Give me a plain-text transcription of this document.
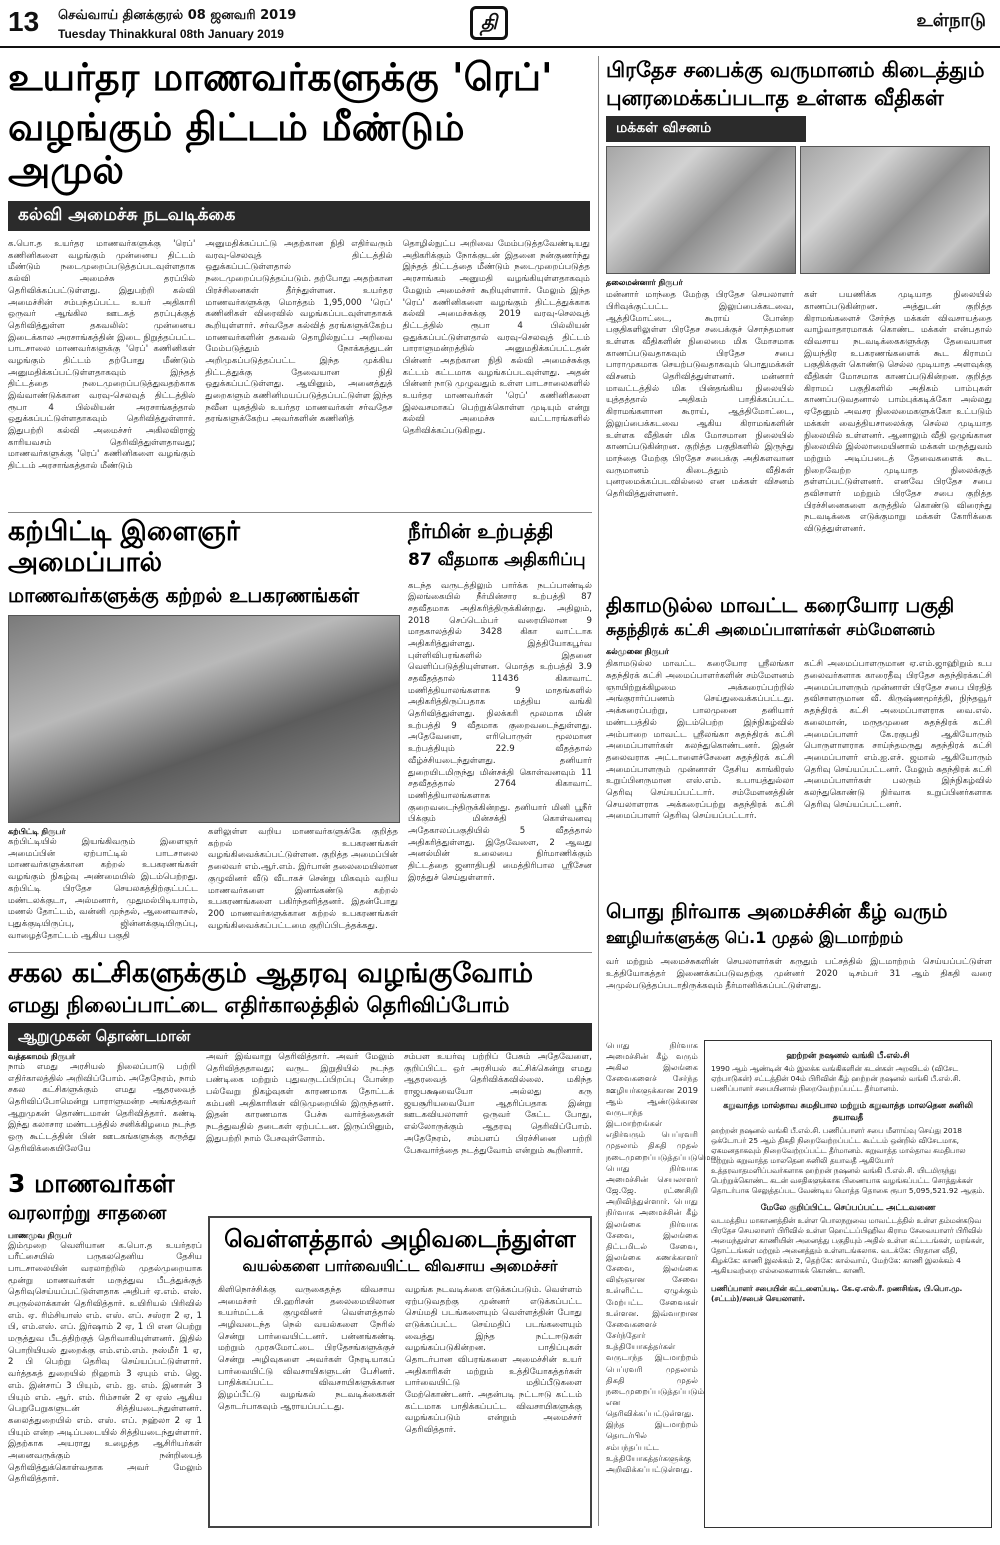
13 செவ்வாய் தினக்குரல் 08 ஜனவரி 2019
Tuesday Thinakkural 08th January 2019	தி	உள்நாடு
உயர்தர மாணவர்களுக்கு 'ரெப்'
வழங்கும் திட்டம் மீண்டும் அமுல்
கல்வி அமைச்சு நடவடிக்கை
க.பொ.த உயர்தர மாணவர்களுக்கு 'ரெப்' கணினிகளை வழங்கும் முன்னைய திட்டம் மீண்டும் நடைமுறைப்படுத்தப்படவுள்ளதாக கல்வி அமைச்சு தரப்பில் தெரிவிக்கப்பட்டுள்ளது. இதுபற்றி கல்வி அமைச்சின் சம்பந்தப்பட்ட உயர் அதிகாரி ஒருவர் ஆங்கில ஊடகத் தரப்புக்குத் தெரிவித்துள்ள தகவலில்: முன்னைய இடைக்கால அரசாங்கத்தின் இடை நிறுத்தப்பட்ட பாடசாலை மாணவர்களுக்கு 'ரெப்' கணினிகள் வழங்கும் திட்டம் தற்போது மீண்டும் அனுமதிக்கப்பட்டுள்ளதாகவும் இந்தத் திட்டத்தை நடைமுறைப்படுத்துவதற்காக இவ்வாண்டுக்கான வரவு-செலவுத் திட்டத்தில் ரூபா 4 பில்லியன் அரசாங்கத்தால் ஒதுக்கப்பட்டுள்ளதாகவும் தெரிவித்துள்ளார். இதுபற்றி கல்வி அமைச்சர் அகிலவிராஜ் காரியவசம் தெரிவித்துள்ளதாவது; மாணவர்களுக்கு 'ரெப்' கணினிகளை வழங்கும் திட்டம் அரசாங்கத்தால் மீண்டும்
அனுமதிக்கப்பட்டு அதற்கான நிதி எதிர்வரும் வரவு-செலவுத் திட்டத்தில் ஒதுக்கப்பட்டுள்ளதால் நடைமுறைப்படுத்தப்படும். தற்போது அதற்கான பிரச்சினைகள் தீர்ந்துள்ளன. உயர்தர மாணவர்களுக்கு மொத்தம் 1,95,000 'ரெப்' கணினிகள் விரைவில் வழங்கப்படவுள்ளதாகக் கூறியுள்ளார். சர்வதேச கல்வித் தரங்களுக்கேற்ப மாணவர்களின் தகவல் தொழில்நுட்ப அறிவை மேம்படுத்தும் நோக்கத்துடன் அறிமுகப்படுத்தப்பட்ட இந்த முக்கிய திட்டத்துக்கு தேவையான நிதி ஒதுக்கப்பட்டுள்ளது. ஆயினும், அனைத்துத் துறைகளும் கணினிமயப்படுத்தப்பட்டுள்ள இந்த நவீன யுகத்தில் உயர்தர மாணவர்கள் சர்வதேச தரங்களுக்கேற்ப அவர்களின் கணினித்
தொழில்நுட்ப அறிவை மேம்படுத்தவேண்டியது அதிகரிக்கும் நோக்குடன் இதனை நன்குணர்ந்து இந்தத் திட்டத்தை மீண்டும் நடைமுறைப்படுத்த அரசாங்கம் அனுமதி வழங்கியுள்ளதாகவும் மேலும் அமைச்சர் கூறியுள்ளார். மேலும் இந்த 'ரெப்' கணினிகளை வழங்கும் திட்டத்துக்காக கல்வி அமைச்சுக்கு 2019 வரவு-செலவுத் திட்டத்தில் ரூபா 4 பில்லியன் ஒதுக்கப்பட்டுள்ளதால் வரவு-செலவுத் திட்டம் பாராளுமன்றத்தில் அனுமதிக்கப்பட்டதன் பின்னர் அதற்கான நிதி கல்வி அமைச்சுக்கு கட்டம் கட்டமாக வழங்கப்படவுள்ளது. அதன் பின்னர் நாடு முழுவதும் உள்ள பாடசாலைகளில் உயர்தர மாணவர்கள் 'ரெப்' கணினிகளை இலவசமாகப் பெற்றுக்கொள்ள முடியும் என்று கல்வி அமைச்சு வட்டாரங்களில் தெரிவிக்கப்படுகிறது.
பிரதேச சபைக்கு வருமானம் கிடைத்தும்
புனரமைக்கப்படாத உள்ளக வீதிகள்
மக்கள் விசனம்
தலைமன்னார் நிருபர்
மன்னார் மாந்தை மேற்கு பிரதேச செயலாளர் பிரிவுக்குட்பட்ட இலுப்பைக்கடவை, ஆத்திமோட்டை, கூராய் போன்ற பகுதிகளிலுள்ள பிரதேச சபைக்குச் சொந்தமான உள்ளக வீதிகளின் நிலைமை மிக மோசமாக காணப்படுவதாகவும் பிரதேச சபை பாராமுகமாக செயற்படுவதாகவும் பொதுமக்கள் விசனம் தெரிவித்துள்ளனர். மன்னார் மாவட்டத்தில் மிக பின்தங்கிய நிலையில் யுத்தத்தால் அதிகம் பாதிக்கப்பட்ட கிராமங்களான கூராய், ஆத்திமோட்டை, இலுப்பைக்கடவை ஆகிய கிராமங்களின் உள்ளக வீதிகள் மிக மோசமான நிலையில் காணப்படுகின்றன. குறித்த பகுதிகளில் இருந்து மாந்தை மேற்கு பிரதேச சபைக்கு அதிகளவான வருமானம் கிடைத்தும் வீதிகள் புனரமைக்கப்படவில்லை என மக்கள் விசனம் தெரிவித்துள்ளனர்.
கள் பயணிக்க முடியாத நிலையில் காணப்படுகின்றன. அத்துடன் குறித்த கிராமங்களைச் சேர்ந்த மக்கள் விவசாயத்தை வாழ்வாதாரமாகக் கொண்ட மக்கள் என்பதால் விவசாய நடவடிக்கைகளுக்கு தேவையான இயந்திர உபகரணங்களைக் கூட கிராமப் பகுதிக்குள் கொண்டு செல்ல முடியாத அளவுக்கு வீதிகள் மோசமாக காணப்படுகின்றன. குறித்த கிராமப் பகுதிகளில் அதிகம் பாம்புகள் காணப்படுவதனால் பாம்புக்கடிக்கோ அல்லது ஏதேனும் அவசர நிலைமைகளுக்கோ உட்படும் மக்கள் வைத்தியசாலைக்கு செல்ல முடியாத நிலையில் உள்ளனர். ஆனாலும் வீதி ஒழுங்கான நிலையில் இல்லாமையினால் மக்கள் மருத்துவம் மற்றும் அடிப்படைத் தேவைகளைக் கூட நிறைவேற்ற முடியாத நிலைக்குத் தள்ளப்பட்டுள்ளனர். எனவே பிரதேச சபை தவிசாளர் மற்றும் பிரதேச சபை குறித்த பிரச்சினைகளை கருத்தில் கொண்டு விரைந்து நடவடிக்கை எடுக்குமாறு மக்கள் கோரிக்கை விடுத்துள்ளனர்.
கற்பிட்டி இளைஞர் அமைப்பால்
மாணவர்களுக்கு கற்றல் உபகரணங்கள்
கற்பிட்டி நிருபர்
கற்பிட்டியில் இயங்கிவரும் இளைஞர் அமைப்பின் ஏற்பாட்டில் பாடசாலை மாணவர்களுக்கான கற்றல் உபகரணங்கள் வழங்கும் நிகழ்வு அண்மையில் இடம்பெற்றது. கற்பிட்டி பிரதேச செயலகத்திற்குட்பட்ட மண்டலக்குடா, அல்மனார், முதுமல்பிடியாரம், மணல் தோட்டம், வன்னி முந்தல், ஆனைவாசல், புதுக்குடியிருப்பு, ஜின்னக்குடியிருப்பு, வாழைத்தோட்டம் ஆகிய பகுதி
களிலுள்ள வறிய மாணவர்களுக்கே குறித்த கற்றல் உபகரணங்கள் வழங்கிவைக்கப்பட்டுள்ளன. குறித்த அமைப்பின் தலைவர் எம்.ஆர்.எம். இர்பான் தலைமையிலான குழுவினர் வீடு வீடாகச் சென்று மிகவும் வறிய மாணவர்களை இனங்கண்டு கற்றல் உபகரணங்களை பகிர்ந்தளித்தனர். இதன்போது 200 மாணவர்களுக்கான கற்றல் உபகரணங்கள் வழங்கிவைக்கப்பட்டமை குறிப்பிடத்தக்கது.
நீர்மின் உற்பத்தி
87 வீதமாக அதிகரிப்பு
கடந்த வருடத்திலும் பார்க்க நடப்பாண்டில் இலங்கையில் நீர்மின்சார உற்பத்தி 87 சதவீதமாக அதிகரித்திருக்கின்றது. அதிலும், 2018 செப்டெம்பர் வரையிலான 9 மாதகாலத்தில் 3428 கிகா வாட்டாக அதிகரித்துள்ளது. இத்தியோகபூர்வ புள்ளிவிபரங்களில் இதனை வெளிப்படுத்தியுள்ளன. மொத்த உற்பத்தி 3.9 சதவீதத்தால் 11436 கிகாவாட் மணித்தியாலங்களாக 9 மாதங்களில் அதிகரித்திருப்பதாக மத்திய வங்கி தெரிவித்துள்ளது. நிலக்கரி மூலமாக மின் உற்பத்தி 9 வீதமாக குறைவடைந்துள்ளது. அதேவேளை, எரிபொருள் மூலமான உற்பத்தியும் 22.9 வீதத்தால் வீழ்ச்சியடைந்துள்ளது. தனியார் துறையிடமிருந்து மின்சக்தி கொள்வனவும் 11 சதவீதத்தால் 2764 கிகாவாட் மணித்தியாலங்களாக குறைவடைந்திருக்கின்றது. தனியார் மினி பூநீர் பிக்கும் மின்சக்தி கொள்வனவு அதேகாலப்பகுதியில் 5 வீதத்தால் அதிகரித்துள்ளது. இதேவேளை, 2 ஆவது அனல்மின் உலையை நிர்மாணிக்கும் திட்டத்தை ஜனாதிபதி மைத்திரிபால ஸ்ரீசேன இரத்துச் செய்துள்ளார்.
திகாமடுல்ல மாவட்ட கரையோர பகுதி
சுதந்திரக் கட்சி அமைப்பாளர்கள் சம்மேளனம்
கல்முனை நிருபர்
திகாமடுல்ல மாவட்ட கரையோர ஸ்ரீலங்கா சுதந்திரக் கட்சி அமைப்பாளர்களின் சம்மேளனம் ஞாயிற்றுக்கிழமை அக்கரைப்பற்றில் அங்குரார்ப்பணம் செய்துவைக்கப்பட்டது. அக்கரைப்பற்று, பாலமுனை தனியார் மண்டபத்தில் இடம்பெற்ற இந்நிகழ்வில் அம்பாறை மாவட்ட ஸ்ரீலங்கா சுதந்திரக் கட்சி அமைப்பாளர்கள் கலந்துகொண்டனர். இதன் தலைவராக அட்டாளைச்சேனை சுதந்திரக் கட்சி அமைப்பாளரும் முன்னாள் தேசிய காங்கிரஸ் உறுப்பினருமான எஸ்.எம். உபாயத்துல்லா தெரிவு செய்யப்பட்டார். சம்மேளனத்தின் செயலாளராக அக்கரைப்பற்று சுதந்திரக் கட்சி அமைப்பாளர் தெரிவு செய்யப்பட்டார்.
கட்சி அமைப்பாளருமான ஏ.எம்.ஜாஹிறும் உப தலைவர்களாக காரைதீவு பிரதேச சுதந்திரக்கட்சி அமைப்பாளரும் முன்னாள் பிரதேச சபை பிரதித் தவிசாளருமான வீ. கிருஷ்ணமூர்த்தி, நிந்தவூர் சுதந்திரக் கட்சி அமைப்பாளராக வை.எல். கலைமான், மருதமுனை சுதந்திரக் கட்சி அமைப்பாளர் கே.ரகுபதி ஆகியோரும் பொருளாளராக சாய்ந்தமருது சுதந்திரக் கட்சி அமைப்பாளர் எம்.ஐ.எச். ஜமால் ஆகியோரும் தெரிவு செய்யப்பட்டனர். மேலும் சுதந்திரக் கட்சி அமைப்பாளர்கள் பலரும் இந்நிகழ்வில் கலந்துகொண்டு நிர்வாக உறுப்பினர்களாக தெரிவு செய்யப்பட்டனர்.
பொது நிர்வாக அமைச்சின் கீழ் வரும்
ஊழியர்களுக்கு பெ்.1 முதல் இடமாற்றம்
வர் மற்றும் அமைச்சுகளின் செயலாளர்கள் கருதும் பட்சத்தில் இடமாற்றம் செய்யப்பட்டுள்ள உத்தியோகத்தர் இணைக்கப்படுவதற்கு முன்னர் 2020 டிசம்பர் 31 ஆம் திகதி வரை அமுல்படுத்தப்படாதிருக்கவும் தீர்மானிக்கப்பட்டுள்ளது.
பொது நிர்வாக அமைச்சின் கீழ் வரும் அகில இலங்கை சேவைகளைச் சேர்ந்த ஊழியர்களுக்கான 2019 ஆம் ஆண்டுக்கான வருடாந்த இடமாற்றங்கள் எதிர்வரும் பெப்ரவரி முதலாம் திகதி முதல் நடைமுறைப்படுத்தப்படுமென பொது நிர்வாக அமைச்சின் செயலாளர் ஜே.ஜே. ரட்ணசிறி அறிவித்துள்ளார். பொது நிர்வாக அமைச்சின் கீழ் இலங்கை நிர்வாக சேவை, இலங்கை திட்டமிடல் சேவை, இலங்கை கணக்காளர் சேவை, இலங்கை விஞ்ஞான சேவை உள்ளிட்ட ஏழுக்கும் மேற்பட்ட சேவைகள் உள்ளன. இவ்வாறான சேவைகளைச் சேர்ந்தோர் உத்தியோகத்தர்கள் வருடாந்த இடமாற்றம் பெப்ரவரி முதலாம் திகதி முதல் நடைமுறைப்படுத்தப்படும் என தெரிவிக்கப்பட்டுள்ளது. இந்த இடமாற்றம் தொடர்பில் சம்பந்தப்பட்ட உத்தியோகத்தர்களுக்கு அறிவிக்கப்பட்டுள்ளது.
ஹற்றன் நஷனல் வங்கி பீ.எல்.சி
1990 ஆம் ஆண்டின் 4ம் இலக்க வங்கிகளின் கடன்கள் அறவிடல் (விசேட ஏற்பாடுகள்) சட்டத்தின் 04ம் பிரிவின் கீழ் ஹற்றன் நஷனல் வங்கி பீ.எல்.சி. பணிப்பாளர் சபையினால் நிறைவேற்றப்பட்ட தீர்மானம்.
கறுவாத்த மால்தாவ சுமதிபால மற்றும் கறுவாத்த மாலதென சுனிலி தயாவதீ
ஹற்றன் நஷனல் வங்கி பீ.எல்.சி. பணிப்பாளர் சபை மீளாய்வு செய்து 2018 ஒக்டோபர் 25 ஆம் திகதி நிறைவேற்றப்பட்ட கூட்டம் ஒன்றில் விசேடமாக, ஏகமனதாகவும் நிறைவேற்றப்பட்ட தீர்மானம். கறுவாத்த மால்தாவ சுமதிபால மற்றும் கறுவாத்த மாலதென சுனிலி தயாவதீ ஆகியோர் உத்தரவாதமளிப்பவர்களாக ஹற்றன் நஷனல் வங்கி பீ.எல்.சி. யிடமிருந்து பெற்றுக்கொண்ட கடன் வசதிகளுக்காக பிணையாக வழங்கப்பட்ட சொத்துக்கள் தொடர்பாக செலுத்தப்பட வேண்டிய மொத்த தொகை ரூபா 5,095,521.92 ஆகும்.
மேலே குறிப்பிட்ட செப்பப்பட்ட அட்டவணை
வடமத்திய மாகாணத்தின் உள்ள பொலநறுவை மாவட்டத்தில் உள்ள தம்மன்கடுவ பிரதேச செயலாளர் பிரிவில் உள்ள ஹெட்டப்பிஹிவ கிராம சேவையாளர் பிரிவில் அமைந்துள்ள காணியின் அனைத்து பகுதியும் அதில் உள்ள கட்டடங்கள், மரங்கள், தோட்டங்கள் மற்றும் அனைத்தும் உள்ளடங்கலாக. வடக்கே: பிரதான வீதி, கிழக்கே: காணி இலக்கம் 2, தெற்கே: கால்வாய், மேற்கே: காணி இலக்கம் 4 ஆகியவற்றை எல்லைகளாகக் கொண்ட காணி.
பணிப்பாளர் சபையின் கட்டளைப்படி. கே.ஏ.எல்.ரீ. றணசிங்க, பி.பொ.மு. (சட்டம்)/சபைச் செயலாளர்.
சகல கட்சிகளுக்கும் ஆதரவு வழங்குவோம்
எமது நிலைப்பாட்டை எதிர்காலத்தில் தெரிவிப்போம்
ஆறுமுகன் தொண்டமான்
வத்தகாமம் நிருபர்
நாம் எமது அரசியல் நிலைப்பாடு பற்றி எதிர்காலத்தில் அறிவிப்போம். அதேநேரம், நாம் சகல கட்சிகளுக்கும் எமது ஆதரவைத் தெரிவிப்போமென்று பாராளுமன்ற அங்கத்தவர் ஆறுமுகன் தொண்டமான் தெரிவித்தார். கண்டி இந்து கலாசார மண்டபத்தில் சனிக்கிழமை நடந்த ஒரு கூட்டத்தின் பின் ஊடகங்களுக்கு கருத்து தெரிவிக்கையிலேயே
அவர் இவ்வாறு தெரிவித்தார். அவர் மேலும் தெரிவித்ததாவது; வருட இறுதியில் நடந்த பண்டிகை மற்றும் புதுவருடப்பிறப்பு போன்ற பல்வேறு நிகழ்வுகள் காரணமாக தோட்டக் கம்பனி அதிகாரிகள் விடுமுறையில் இருந்தனர். இதன் காரணமாக பேச்சு வார்த்தைகள் நடத்துவதில் தடைகள் ஏற்பட்டன. இருப்பினும், இதுபற்றி நாம் பேசவுள்ளோம்.
சம்பள உயர்வு பற்றிப் பேசும் அதேவேளை, குறிப்பிட்ட ஒர் அரசியல் கட்சிக்கென்று எமது ஆதரவைத் தெரிவிக்கவில்லை. மகிந்த ராஜபக்ஷவையோ அல்லது கரு ஜயசூரியவையோ ஆதரிப்பதாக இன்று ஊடகவியலாளர் ஒருவர் கேட்ட போது, எல்லோருக்கும் ஆதரவு தெரிவிப்போம். அதேநேரம், சம்பளப் பிரச்சினை பற்றி பேசுவார்த்தை நடத்துவோம் என்றும் கூறினார்.
3 மாணவர்கள்
வரலாற்று சாதனை
பாணமுவ நிருபர்
இம்முறை வெளியான க.பொ.த உயர்தரப் பரீட்சையில் பருகலதெனிய தேசிய பாடசாலையின் வரலாற்றில் முதல்முறையாக மூன்று மாணவர்கள் மருத்துவ பீடத்துக்குத் தெரிவுசெய்யப்பட்டுள்ளதாக அதிபர் ஏ.எம். எஸ். சபுருல்லாக்கான் தெரிவித்தார். உயிரியல் பிரிவில் எம். ஏ. ரிம்சியாஸ் எம். எஸ். எப். சஸ்ரா 2 ஏ, 1 பி, எம்.எஸ். எப். இர்ஷாம் 2 ஏ, 1 பி என பெற்று மருத்துவ பீடத்திற்குத் தெரிவாகியுள்ளனர். இதில் பொறியியல் துறைக்கு எம்.எம்.எம். நஸ்மீர் 1 ஏ, 2 பி பெற்று தெரிவு செய்யப்பட்டுள்ளார். வர்த்தகத் துறையில் றிஹாம் 3 ஏயும் எம். ஜெ. எம். இன்சாப் 3 பியும், எம். ஐ. எம். இனான் 3 பியும் எம். ஆர். எம். ரிம்சான் 2 ஏ ஏஸ் ஆகிய பெறுபேறுகளுடன் சித்தியடைந்துள்ளனர். கலைத்துறையில் எம். எஸ். எப். நஹ்லா 2 ஏ 1 பியும் என்ற அடிப்படையில் சித்தியடைந்துள்ளார். இதற்காக அயராது உழைத்த ஆசிரியர்கள் அனைவருக்கும் நன்றியைத் தெரிவித்துக்கொள்வதாக அவர் மேலும் தெரிவித்தார்.
வெள்ளத்தால் அழிவடைந்துள்ள
வயல்களை பார்வையிட்ட விவசாய அமைச்சர்
கிளிநொச்சிக்கு வருகைதந்த விவசாய அமைச்சர் பி.ஹரிசன் தலைமையிலான உயர்மட்டக் குழுவினர் வெள்ளத்தால் அழிவடைந்த நெல் வயல்களை நேரில் சென்று பார்வையிட்டனர். பன்னங்கண்டி மற்றும் முரசுமோட்டை பிரதேசங்களுக்குச் சென்று அழிவுகளை அவர்கள் நேரடியாகப் பார்வையிட்டு விவசாயிகளுடன் பேசினர். பாதிக்கப்பட்ட விவசாயிகளுக்கான இழப்பீட்டு வழங்கல் நடவடிக்கைகள் தொடர்பாகவும் ஆராயப்பட்டது.
வழங்க நடவடிக்கை எடுக்கப்படும். வெள்ளம் ஏற்படுவதற்கு முன்னர் எடுக்கப்பட்ட செய்மதி படங்களையும் வெள்ளத்தின் போது எடுக்கப்பட்ட செய்மதிப் படங்களையும் வைத்து இந்த நட்டஈடுகள் வழங்கப்படுகின்றன. பாதிப்புகள் தொடர்பான விபரங்களை அமைச்சின் உயர் அதிகாரிகள் மற்றும் உத்தியோகத்தர்கள் பார்வையிட்டு மதிப்பீடுகளை மேற்கொண்டனர். அதன்படி நட்டஈடு கட்டம் கட்டமாக பாதிக்கப்பட்ட விவசாயிகளுக்கு வழங்கப்படும் என்றும் அமைச்சர் தெரிவித்தார்.
